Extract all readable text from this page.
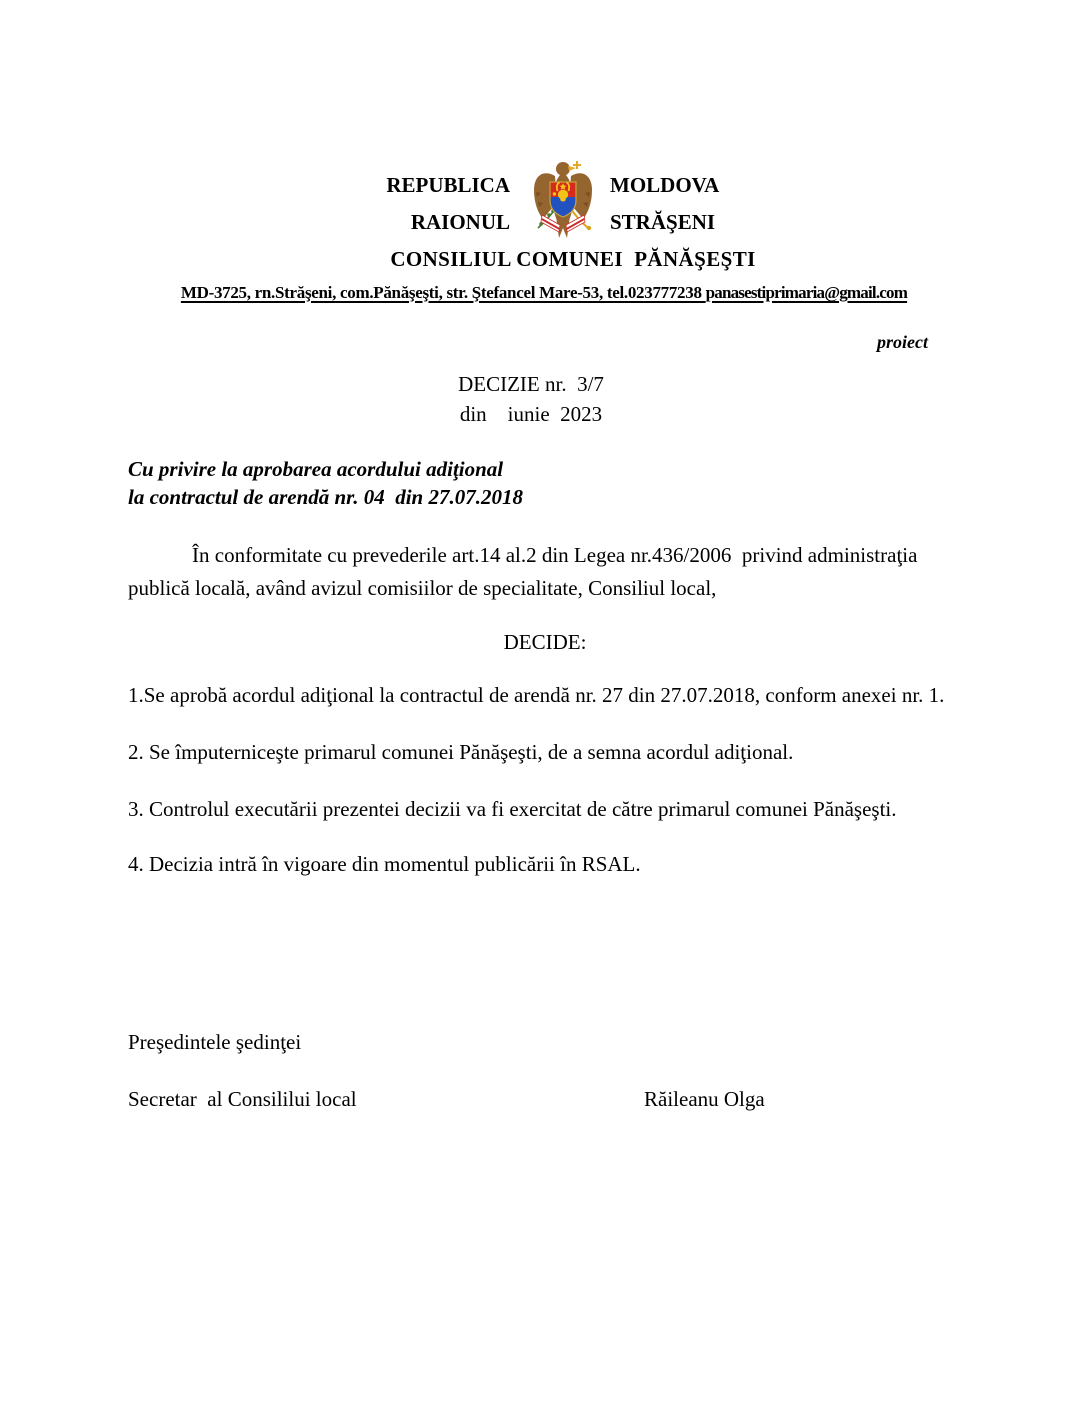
REPUBLICA	MOLDOVA
RAIONUL	STRĂŞENI
CONSILIUL COMUNEI  PĂNĂŞEŞTI
MD-3725, rn.Străşeni, com.Pănăşeşti, str. Ştefancel Mare-53, tel.023777238 panasestiprimaria@gmail.com
proiect
DECIZIE nr.  3/7
din    iunie  2023
Cu privire la aprobarea acordului adiţional
la contractul de arendă nr. 04  din 27.07.2018
În conformitate cu prevederile art.14 al.2 din Legea nr.436/2006  privind administraţia publică locală, având avizul comisiilor de specialitate, Consiliul local,
DECIDE:
1.Se aprobă acordul adiţional la contractul de arendă nr. 27 din 27.07.2018, conform anexei nr. 1.
2. Se împuterniceşte primarul comunei Pănăşeşti, de a semna acordul adiţional.
3. Controlul executării prezentei decizii va fi exercitat de către primarul comunei Pănăşeşti.
4. Decizia intră în vigoare din momentul publicării în RSAL.
Preşedintele şedinţei
Secretar  al Consililui local	Răileanu Olga
